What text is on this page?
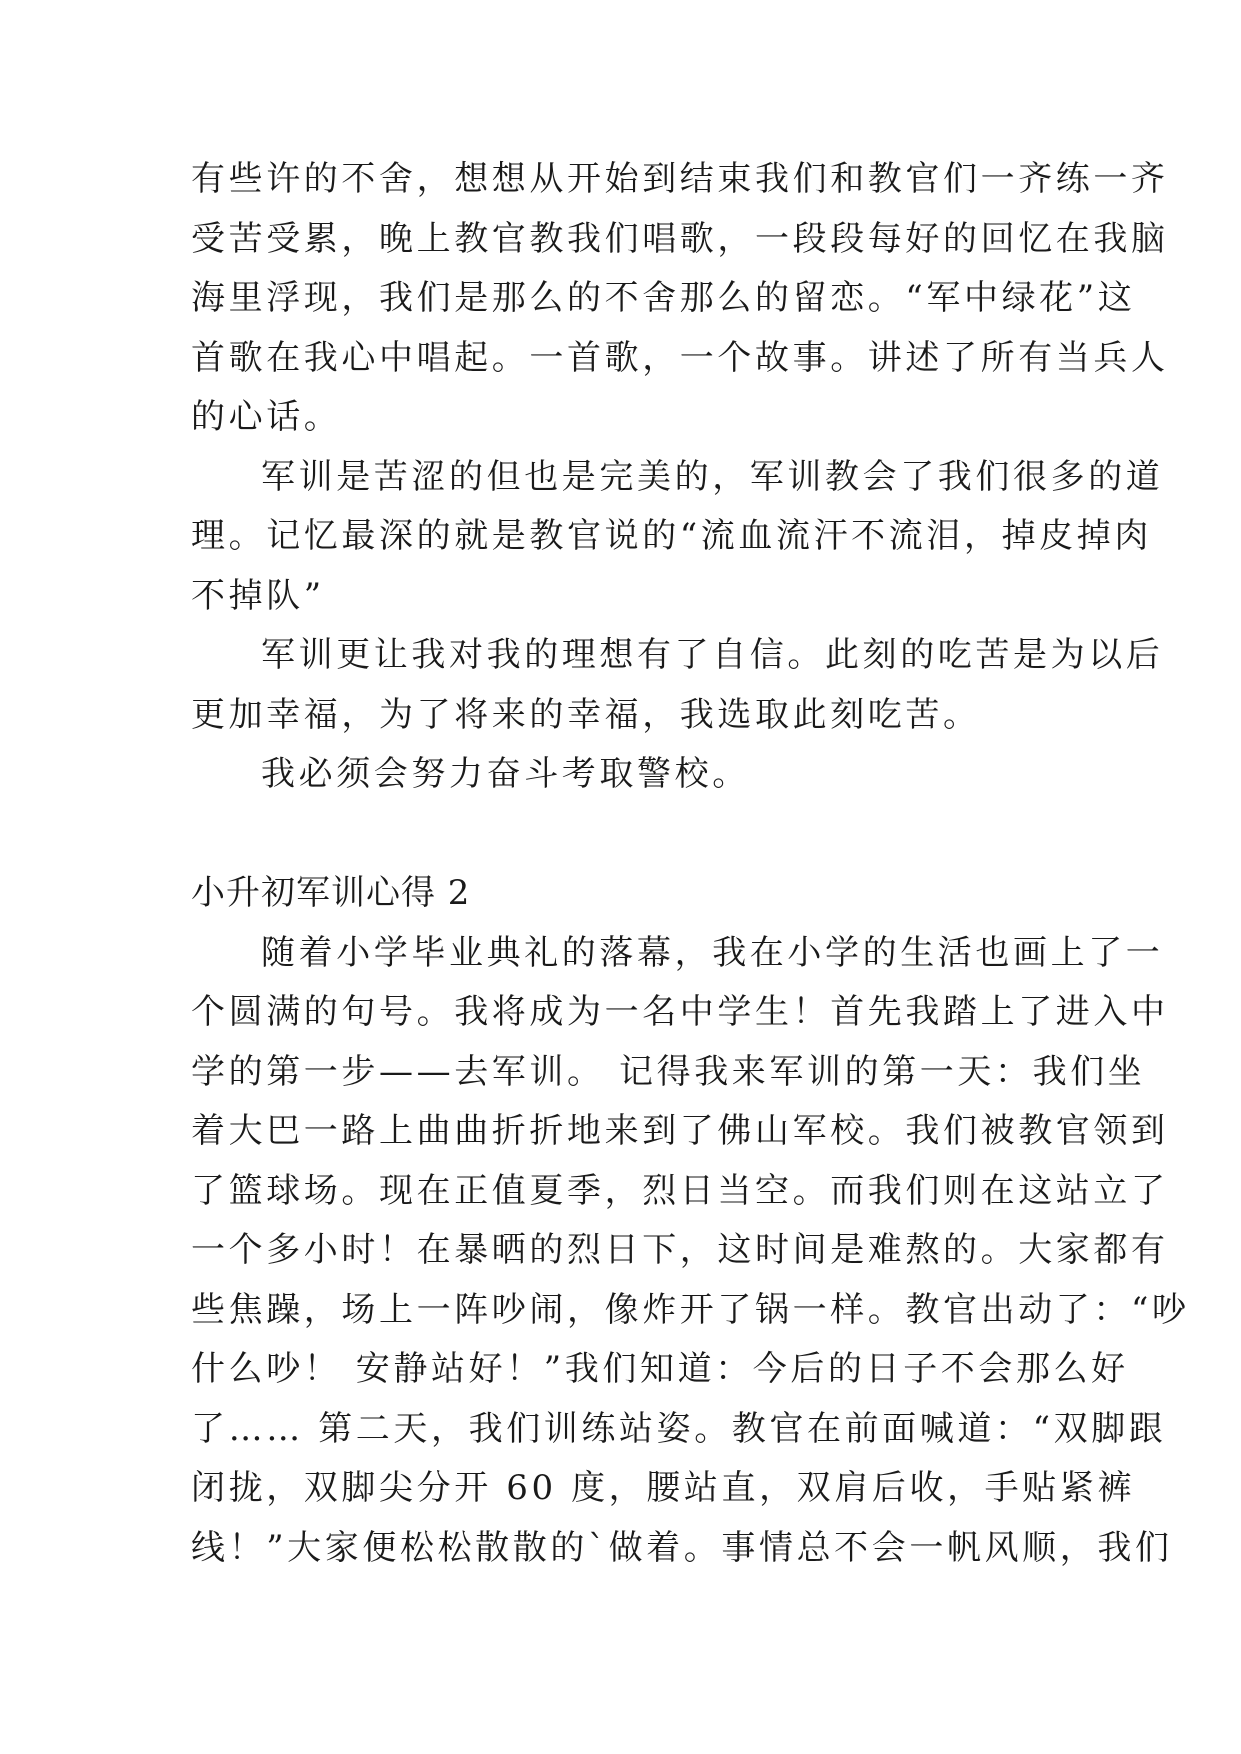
有些许的不舍，想想从开始到结束我们和教官们一齐练一齐
受苦受累，晚上教官教我们唱歌，一段段每好的回忆在我脑
海里浮现，我们是那么的不舍那么的留恋。“军中绿花”这
首歌在我心中唱起。一首歌，一个故事。讲述了所有当兵人
的心话。
军训是苦涩的但也是完美的，军训教会了我们很多的道
理。记忆最深的就是教官说的“流血流汗不流泪，掉皮掉肉
不掉队”
军训更让我对我的理想有了自信。此刻的吃苦是为以后
更加幸福，为了将来的幸福，我选取此刻吃苦。
我必须会努力奋斗考取警校。
小升初军训心得 2
随着小学毕业典礼的落幕，我在小学的生活也画上了一
个圆满的句号。我将成为一名中学生！首先我踏上了进入中
学的第一步——去军训。 记得我来军训的第一天：我们坐
着大巴一路上曲曲折折地来到了佛山军校。我们被教官领到
了篮球场。现在正值夏季，烈日当空。而我们则在这站立了
一个多小时！在暴晒的烈日下，这时间是难熬的。大家都有
些焦躁，场上一阵吵闹，像炸开了锅一样。教官出动了：“吵
什么吵！ 安静站好！”我们知道：今后的日子不会那么好
了…… 第二天，我们训练站姿。教官在前面喊道：“双脚跟
闭拢，双脚尖分开 60 度，腰站直，双肩后收，手贴紧裤
线！”大家便松松散散的`做着。事情总不会一帆风顺，我们
